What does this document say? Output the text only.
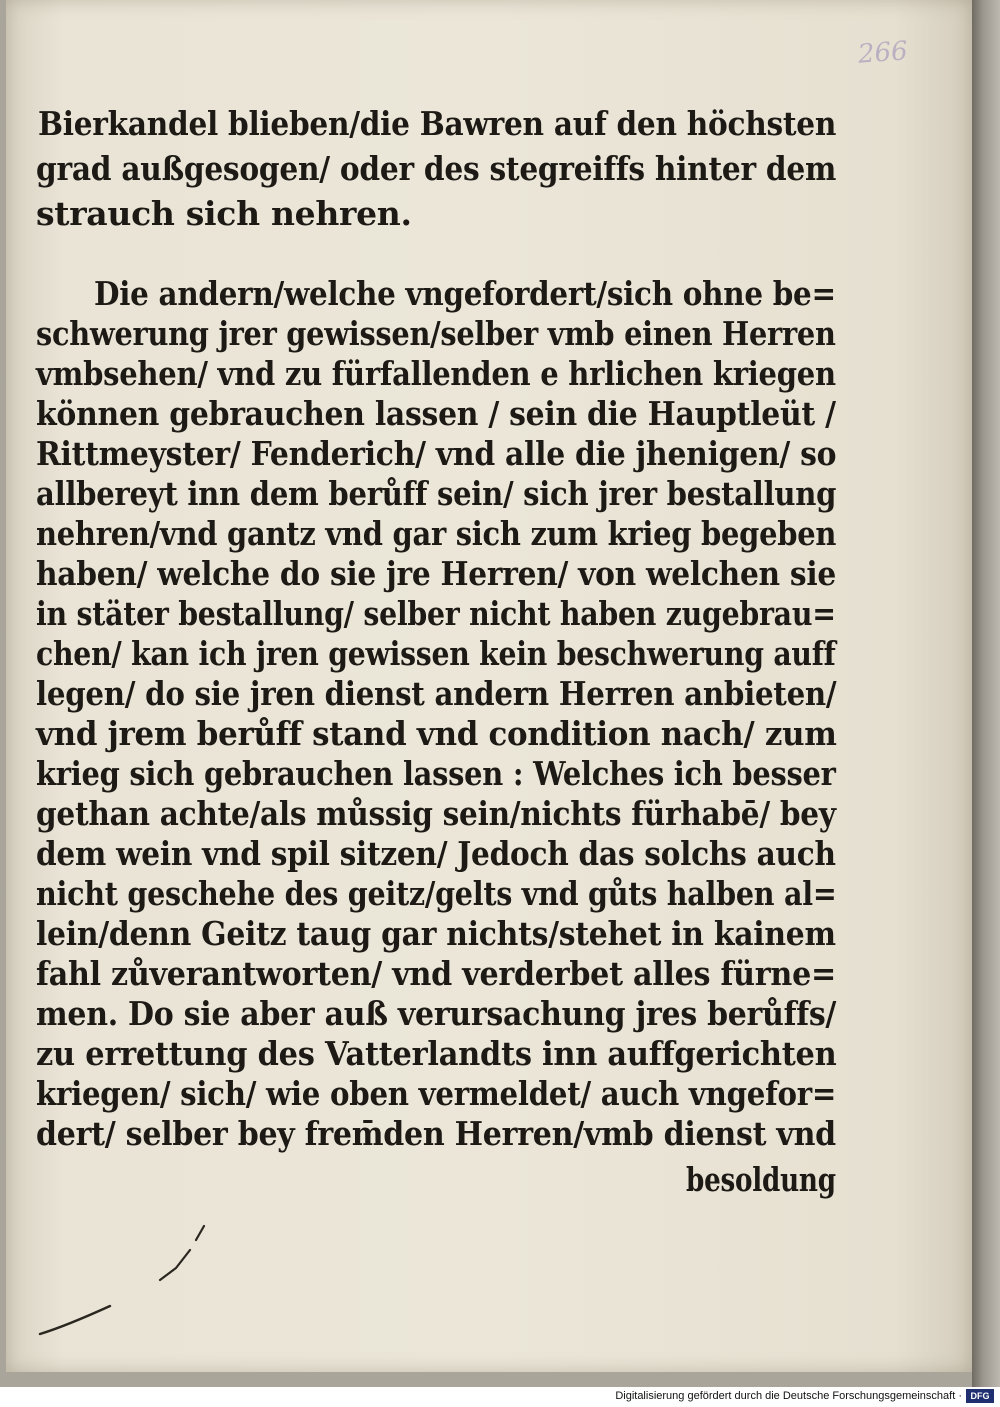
266
Bierkandel blieben/die Bawren auf den höchsten
grad außgesogen/ oder des stegreiffs hinter dem
strauch sich nehren.
Die andern/welche vngefordert/sich ohne be=
schwerung jrer gewissen/selber vmb einen Herren
vmbsehen/ vnd zu fürfallenden e hrlichen kriegen
können gebrauchen lassen / sein die Hauptleüt /
Rittmeyster/ Fenderich/ vnd alle die jhenigen/ so
allbereyt inn dem berůff sein/ sich jrer bestallung
nehren/vnd gantz vnd gar sich zum krieg begeben
haben/ welche do sie jre Herren/ von welchen sie
in stäter bestallung/ selber nicht haben zugebrau=
chen/ kan ich jren gewissen kein beschwerung auff
legen/ do sie jren dienst andern Herren anbieten/
vnd jrem berůff stand vnd condition nach/ zum
krieg sich gebrauchen lassen : Welches ich besser
gethan achte/als můssig sein/nichts fürhabē/ bey
dem wein vnd spil sitzen/ Jedoch das solchs auch
nicht geschehe des geitz/gelts vnd gůts halben al=
lein/denn Geitz taug gar nichts/stehet in kainem
fahl zůverantworten/ vnd verderbet alles fürne=
men. Do sie aber auß verursachung jres berůffs/
zu errettung des Vatterlandts inn auffgerichten
kriegen/ sich/ wie oben vermeldet/ auch vngefor=
dert/ selber bey frem̄den Herren/vmb dienst vnd
besoldung
Digitalisierung gefördert durch die Deutsche Forschungsgemeinschaft · DFG
